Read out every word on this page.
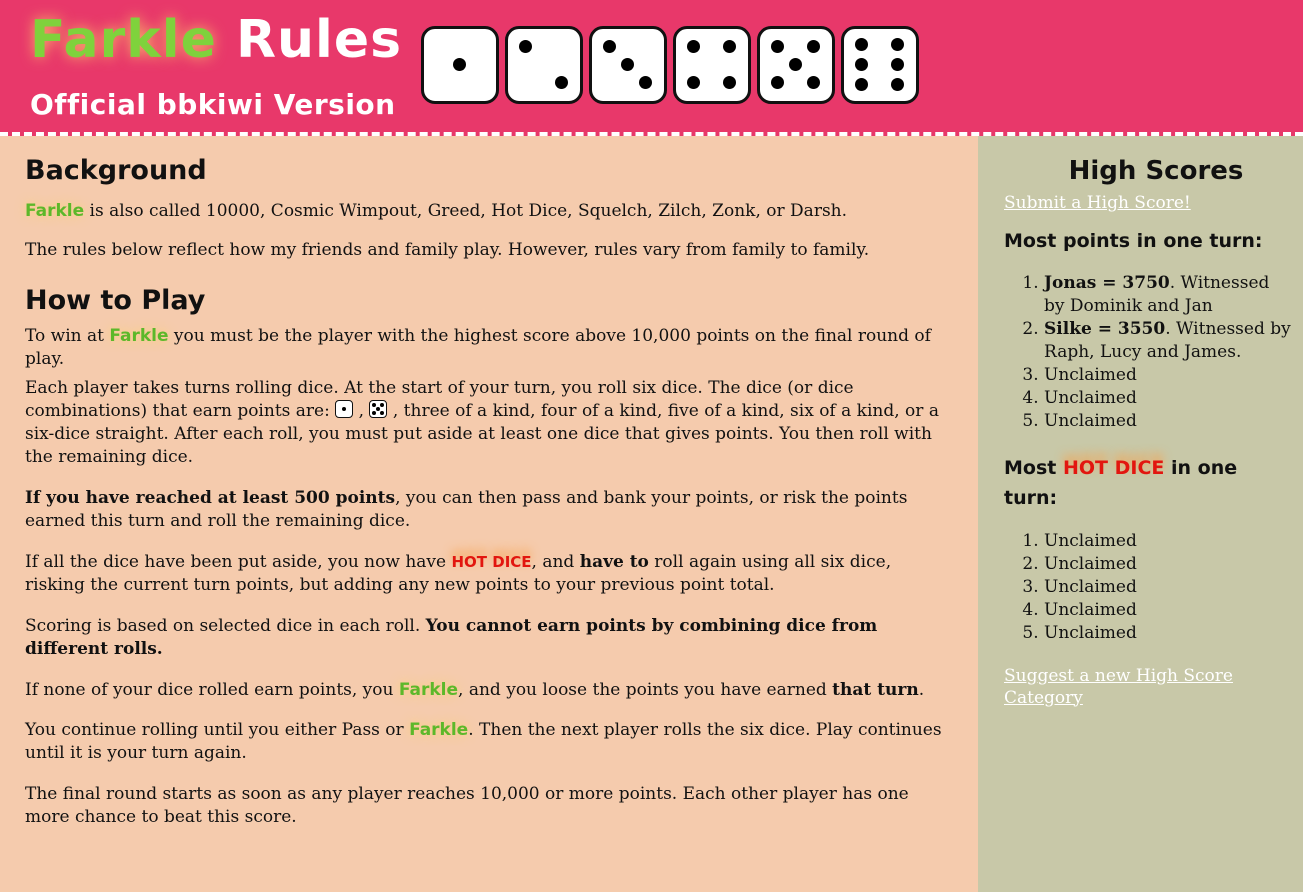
Farkle Rules
Official bbkiwi Version
Background

Farkle is also called 10000, Cosmic Wimpout, Greed, Hot Dice, Squelch, Zilch, Zonk, or Darsh.

The rules below reflect how my friends and family play. However, rules vary from family to family.

How to Play

To win at Farkle you must be the player with the highest score above 10,000 points on the final round of play.

Each player takes turns rolling dice. At the start of your turn, you roll six dice. The dice (or dice combinations) that earn points are:
,
, three of a kind, four of a kind, five of a kind, six of a kind, or a six-dice straight. After each roll, you must put aside at least one dice that gives points. You then roll with the remaining dice.

If you have reached at least 500 points, you can then pass and bank your points, or risk the points earned this turn and roll the remaining dice.

If all the dice have been put aside, you now have HOT DICE, and have to roll again using all six dice, risking the current turn points, but adding any new points to your previous point total.

Scoring is based on selected dice in each roll. You cannot earn points by combining dice from different rolls.

If none of your dice rolled earn points, you Farkle, and you loose the points you have earned that turn.

You continue rolling until you either Pass or Farkle. Then the next player rolls the six dice. Play continues until it is your turn again.

The final round starts as soon as any player reaches 10,000 or more points. Each other player has one more chance to beat this score.

High Scores
Submit a High Score!
Most points in one turn:
1. Jonas = 3750. Witnessed by Dominik and Jan
2. Silke = 3550. Witnessed by Raph, Lucy and James.
3. Unclaimed
4. Unclaimed
5. Unclaimed
Most HOT DICE in one turn:
1. Unclaimed
2. Unclaimed
3. Unclaimed
4. Unclaimed
5. Unclaimed
Suggest a new High Score Category
